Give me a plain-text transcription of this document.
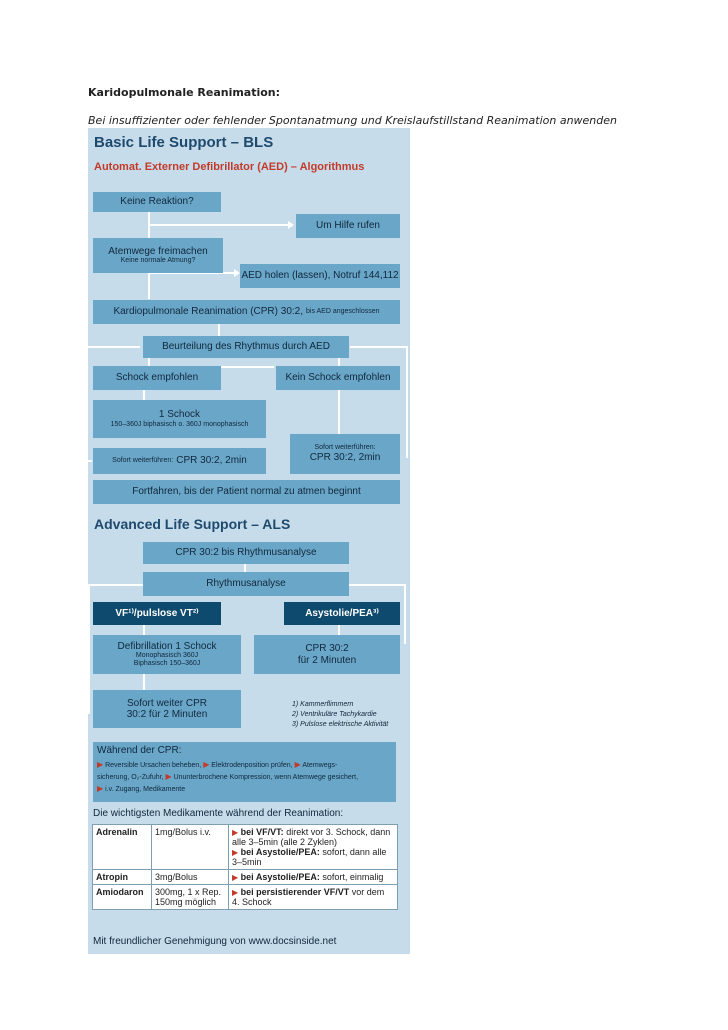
Karidopulmonale Reanimation:
Bei insuffizienter oder fehlender Spontanatmung und Kreislaufstillstand Reanimation anwenden
Basic Life Support – BLS
Automat. Externer Defibrillator (AED) – Algorithmus
Keine Reaktion?
Um Hilfe rufen
Atemwege freimachen
Keine normale Atmung?
AED holen (lassen), Notruf 144,112
Kardiopulmonale Reanimation (CPR) 30:2, bis AED angeschlossen
Beurteilung des Rhythmus durch AED
Schock empfohlen	Kein Schock empfohlen
1 Schock
150–360J biphasisch o. 360J monophasisch
Sofort weiterführen: CPR 30:2, 2min
Sofort weiterführen:
CPR 30:2, 2min
Fortfahren, bis der Patient normal zu atmen beginnt
Advanced Life Support – ALS
CPR 30:2 bis Rhythmusanalyse
Rhythmusanalyse
VF¹⁾/pulslose VT²⁾	Asystolie/PEA³⁾
Defibrillation 1 Schock
Monophasisch 360J
Biphasisch 150–360J
CPR 30:2
für 2 Minuten
Sofort weiter CPR
30:2 für 2 Minuten
1) Kammerflimmern
2) Ventrikuläre Tachykardie
3) Pulslose elektrische Aktivität
Während der CPR:
▶ Reversible Ursachen beheben, ▶ Elektrodenposition prüfen, ▶ Atemwegs-
sicherung, O₂-Zufuhr, ▶ Ununterbrochene Kompression, wenn Atemwege gesichert,
▶ i.v. Zugang, Medikamente
Die wichtigsten Medikamente während der Reanimation:
Adrenalin	1mg/Bolus i.v.	▶ bei VF/VT: direkt vor 3. Schock, dann alle 3–5min (alle 2 Zyklen)
▶ bei Asystolie/PEA: sofort, dann alle 3–5min

Atropin	3mg/Bolus	▶ bei Asystolie/PEA: sofort, einmalig

Amiodaron	300mg, 1 x Rep. 150mg möglich	▶ bei persistierender VF/VT vor dem 4. Schock
Mit freundlicher Genehmigung von www.docsinside.net
